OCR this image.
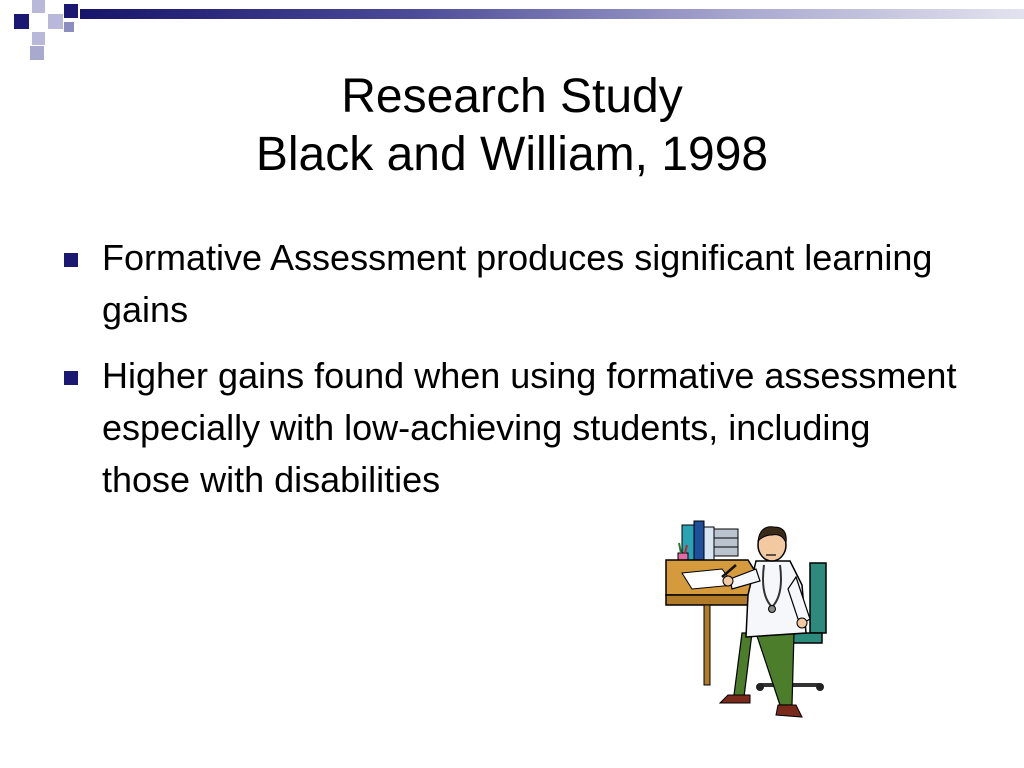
Research Study
Black and William, 1998
Formative Assessment produces significant learning gains
Higher gains found when using formative assessment especially with low-achieving students, including those with disabilities
